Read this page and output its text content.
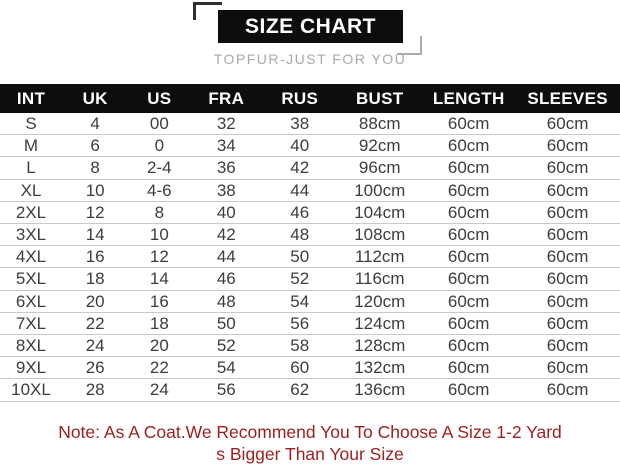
SIZE CHART
TOPFUR-JUST FOR YOU
INT	UK	US	FRA	RUS	BUST	LENGTH	SLEEVES
S	4	00	32	38	88cm	60cm	60cm
M	6	0	34	40	92cm	60cm	60cm
L	8	2-4	36	42	96cm	60cm	60cm
XL	10	4-6	38	44	100cm	60cm	60cm
2XL	12	8	40	46	104cm	60cm	60cm
3XL	14	10	42	48	108cm	60cm	60cm
4XL	16	12	44	50	112cm	60cm	60cm
5XL	18	14	46	52	116cm	60cm	60cm
6XL	20	16	48	54	120cm	60cm	60cm
7XL	22	18	50	56	124cm	60cm	60cm
8XL	24	20	52	58	128cm	60cm	60cm
9XL	26	22	54	60	132cm	60cm	60cm
10XL	28	24	56	62	136cm	60cm	60cm
Note: As A Coat.We Recommend You To Choose A Size 1-2 Yard
s Bigger Than Your Size
